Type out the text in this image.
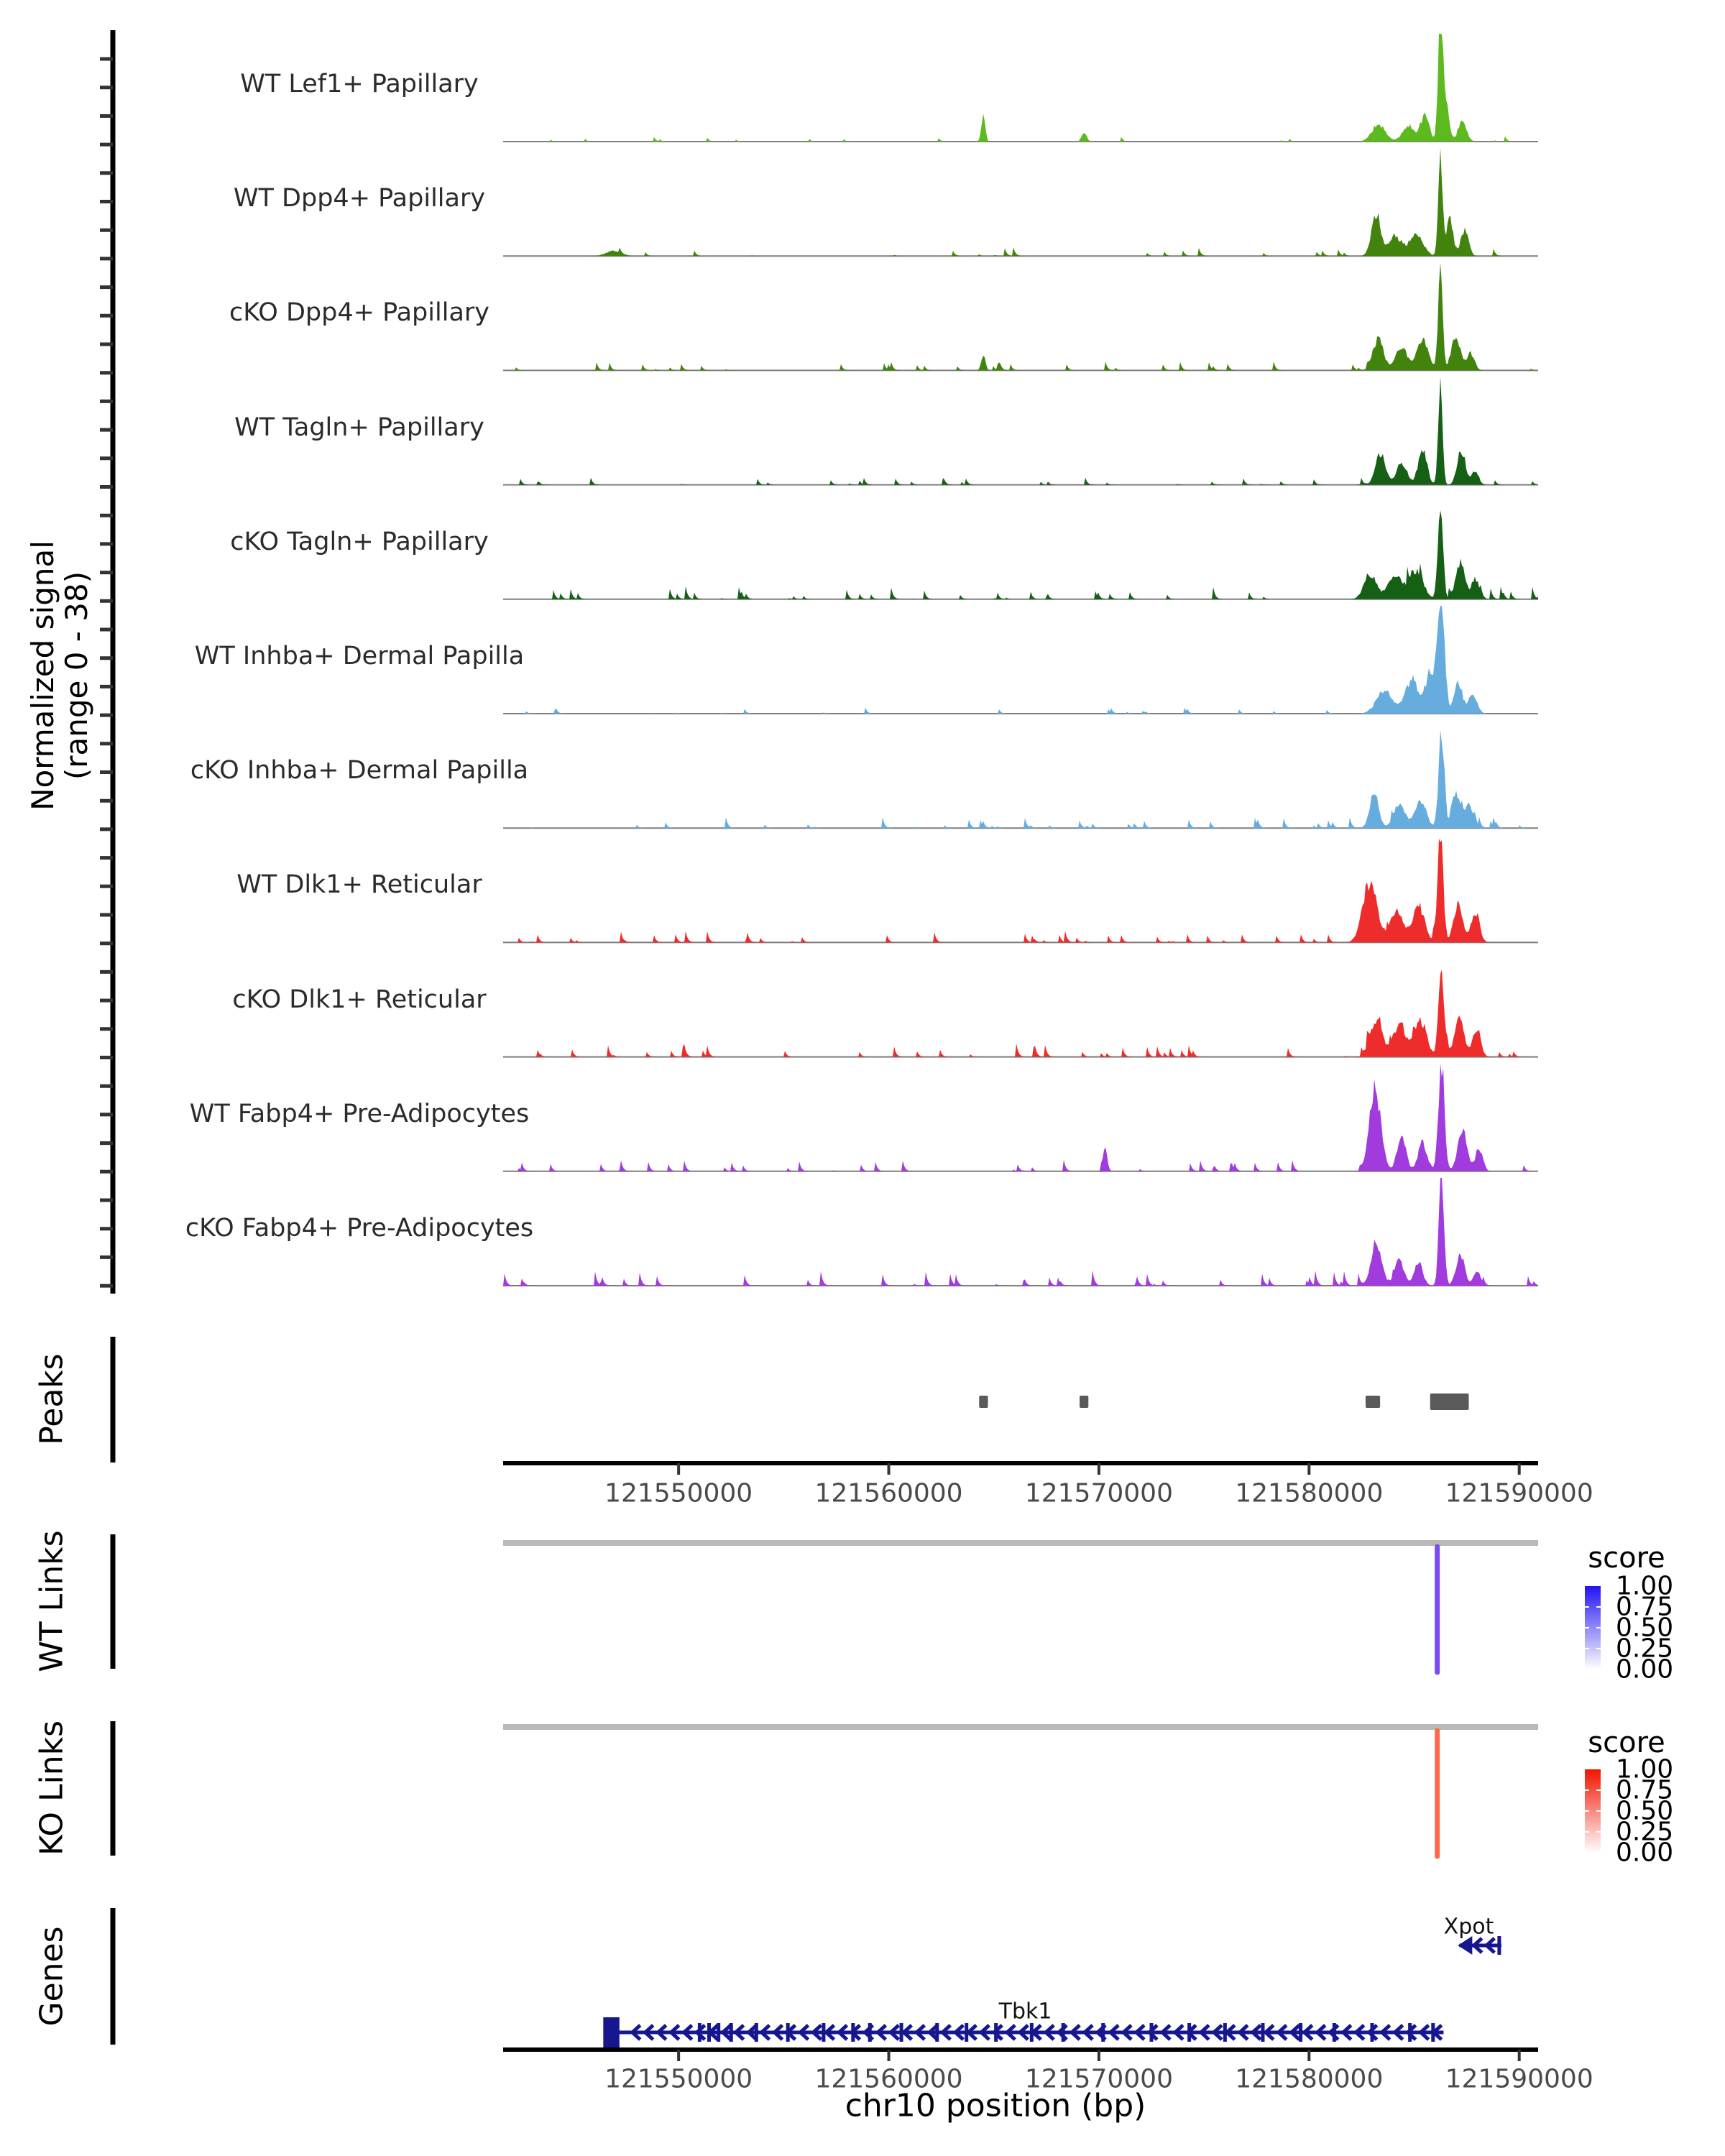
Normalized signal
(range 0 - 38)
Peaks
WT Links
KO Links
Genes
chr10 position (bp)
score
score
WT Lef1+ Papillary
WT Dpp4+ Papillary
cKO Dpp4+ Papillary
WT Tagln+ Papillary
cKO Tagln+ Papillary
WT Inhba+ Dermal Papilla
cKO Inhba+ Dermal Papilla
WT Dlk1+ Reticular
cKO Dlk1+ Reticular
WT Fabp4+ Pre-Adipocytes
cKO Fabp4+ Pre-Adipocytes
121550000 121560000 121570000 121580000 121590000
121550000 121560000 121570000 121580000 121590000
1.00
0.75
0.50
0.25
0.00
1.00
0.75
0.50
0.25
0.00
Tbk1
Xpot
